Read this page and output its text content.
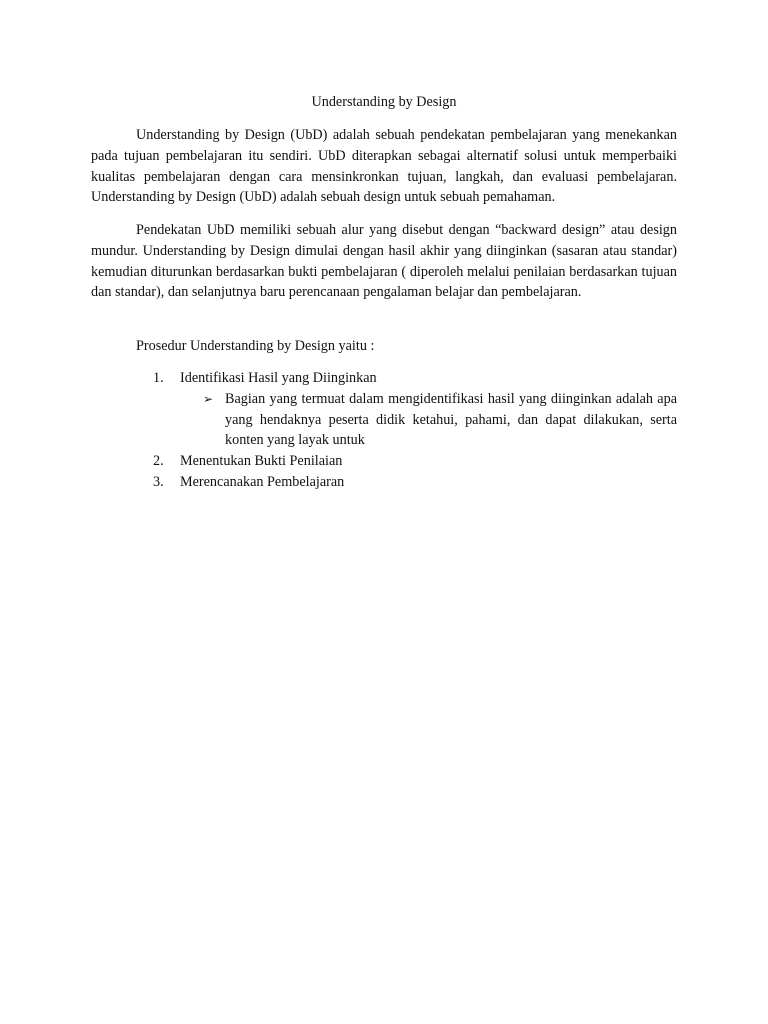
Understanding by Design

Understanding by Design (UbD) adalah sebuah pendekatan pembelajaran yang menekankan pada tujuan pembelajaran itu sendiri. UbD diterapkan sebagai alternatif solusi untuk memperbaiki kualitas pembelajaran dengan cara mensinkronkan tujuan, langkah, dan evaluasi pembelajaran. Understanding by Design (UbD) adalah sebuah design untuk sebuah pemahaman.

Pendekatan UbD memiliki sebuah alur yang disebut dengan “backward design” atau design mundur. Understanding by Design dimulai dengan hasil akhir yang diinginkan (sasaran atau standar) kemudian diturunkan berdasarkan bukti pembelajaran ( diperoleh melalui penilaian berdasarkan tujuan dan standar), dan selanjutnya baru perencanaan pengalaman belajar dan pembelajaran.

Prosedur Understanding by Design yaitu :

1. Identifikasi Hasil yang Diinginkan
➢ Bagian yang termuat dalam mengidentifikasi hasil yang diinginkan adalah apa yang hendaknya peserta didik ketahui, pahami, dan dapat dilakukan, serta konten yang layak untuk
2. Menentukan Bukti Penilaian
3. Merencanakan Pembelajaran
